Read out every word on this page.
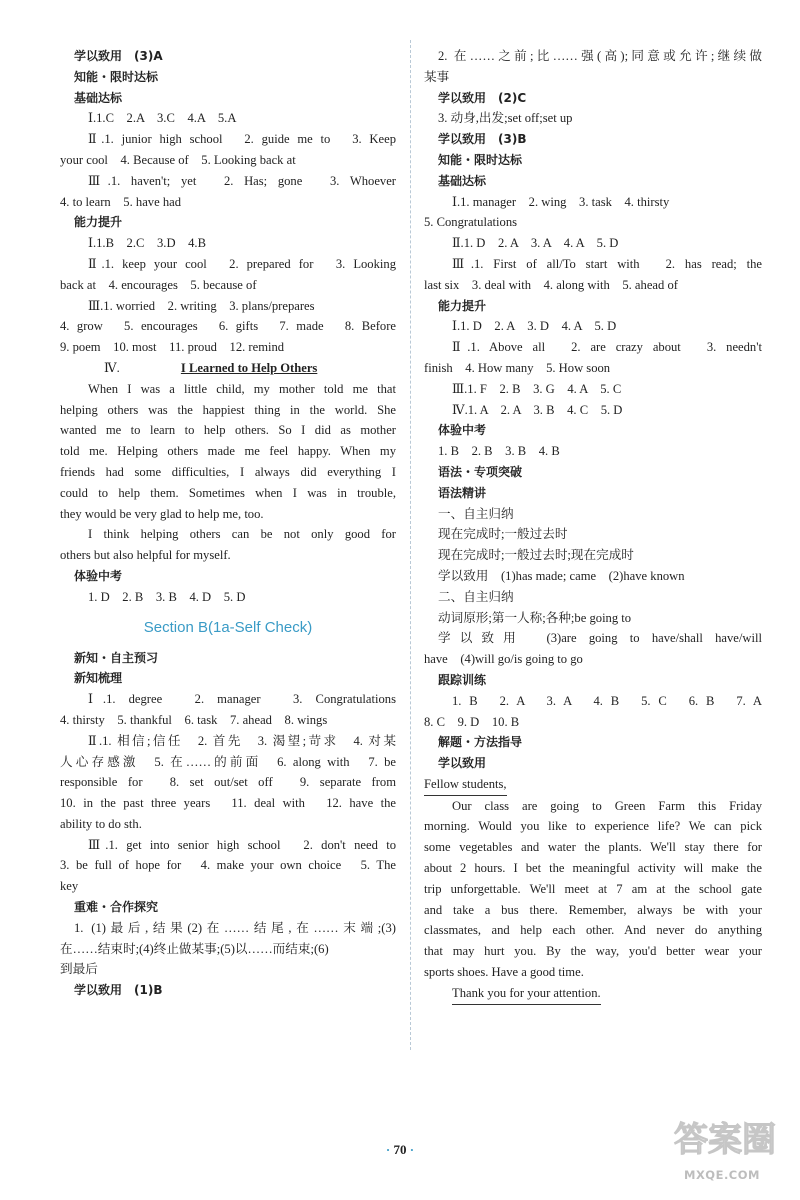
学以致用　(3)A
知能・限时达标
基础达标
Ⅰ.1.C　2.A　3.C　4.A　5.A
Ⅱ.1. junior high school　2. guide me to　3. Keep
your cool　4. Because of　5. Looking back at
Ⅲ.1. haven't; yet　2. Has; gone　3. Whoever
4. to learn　5. have had
能力提升
Ⅰ.1.B　2.C　3.D　4.B
Ⅱ.1. keep your cool　2. prepared for　3. Looking
back at　4. encourages　5. because of
Ⅲ.1. worried　2. writing　3. plans/prepares
4. grow　5. encourages　6. gifts　7. made　8. Before
9. poem　10. most　11. proud　12. remind
Ⅳ.	I Learned to Help Others
When I was a little child, my mother told me that
helping others was the happiest thing in the world. She
wanted me to learn to help others. So I did as mother
told me. Helping others made me feel happy. When my
friends had some difficulties, I always did everything I
could to help them. Sometimes when I was in trouble,
they would be very glad to help me, too.
I think helping others can be not only good for
others but also helpful for myself.
体验中考
1. D　2. B　3. B　4. D　5. D
Section B(1a-Self Check)
新知・自主预习
新知梳理
Ⅰ.1. degree　2. manager　3. Congratulations
4. thirsty　5. thankful　6. task　7. ahead　8. wings
Ⅱ.1. 相信;信任　2. 首先　3. 渴望;苛求　4. 对某
人心存感激　5. 在……的前面　6. along with　7. be
responsible for　8. set out/set off　9. separate from
10. in the past three years　11. deal with　12. have the
ability to do sth.
Ⅲ.1. get into senior high school　2. don't need to
3. be full of hope for　4. make your own choice　5. The
key
重难・合作探究
1. (1)最后,结果(2)在……结尾,在……末端;(3)
在……结束时;(4)终止做某事;(5)以……而结束;(6)
到最后
学以致用　(1)B
2. 在……之前;比……强(高);同意或允许;继续做
某事
学以致用　(2)C
3. 动身,出发;set off;set up
学以致用　(3)B
知能・限时达标
基础达标
Ⅰ.1. manager　2. wing　3. task　4. thirsty
5. Congratulations
Ⅱ.1. D　2. A　3. A　4. A　5. D
Ⅲ.1. First of all/To start with　2. has read; the
last six　3. deal with　4. along with　5. ahead of
能力提升
Ⅰ.1. D　2. A　3. D　4. A　5. D
Ⅱ.1. Above all　2. are crazy about　3. needn't
finish　4. How many　5. How soon
Ⅲ.1. F　2. B　3. G　4. A　5. C
Ⅳ.1. A　2. A　3. B　4. C　5. D
体验中考
1. B　2. B　3. B　4. B
语法・专项突破
语法精讲
一、自主归纳
现在完成时;一般过去时
现在完成时;一般过去时;现在完成时
学以致用　(1)has made; came　(2)have known
二、自主归纳
动词原形;第一人称;各种;be going to
学以致用　(3)are going to have/shall have/will
have　(4)will go/is going to go
跟踪训练
1. B　2. A　3. A　4. B　5. C　6. B　7. A
8. C　9. D　10. B
解题・方法指导
学以致用
Fellow students,
Our class are going to Green Farm this Friday
morning. Would you like to experience life? We can pick
some vegetables and water the plants. We'll stay there for
about 2 hours. I bet the meaningful activity will make the
trip unforgettable. We'll meet at 7 am at the school gate
and take a bus there. Remember, always be with your
classmates, and help each other. And never do anything
that may hurt you. By the way, you'd better wear your
sports shoes. Have a good time.
Thank you for your attention.
· 70 ·	答案圈
MXQE.COM
